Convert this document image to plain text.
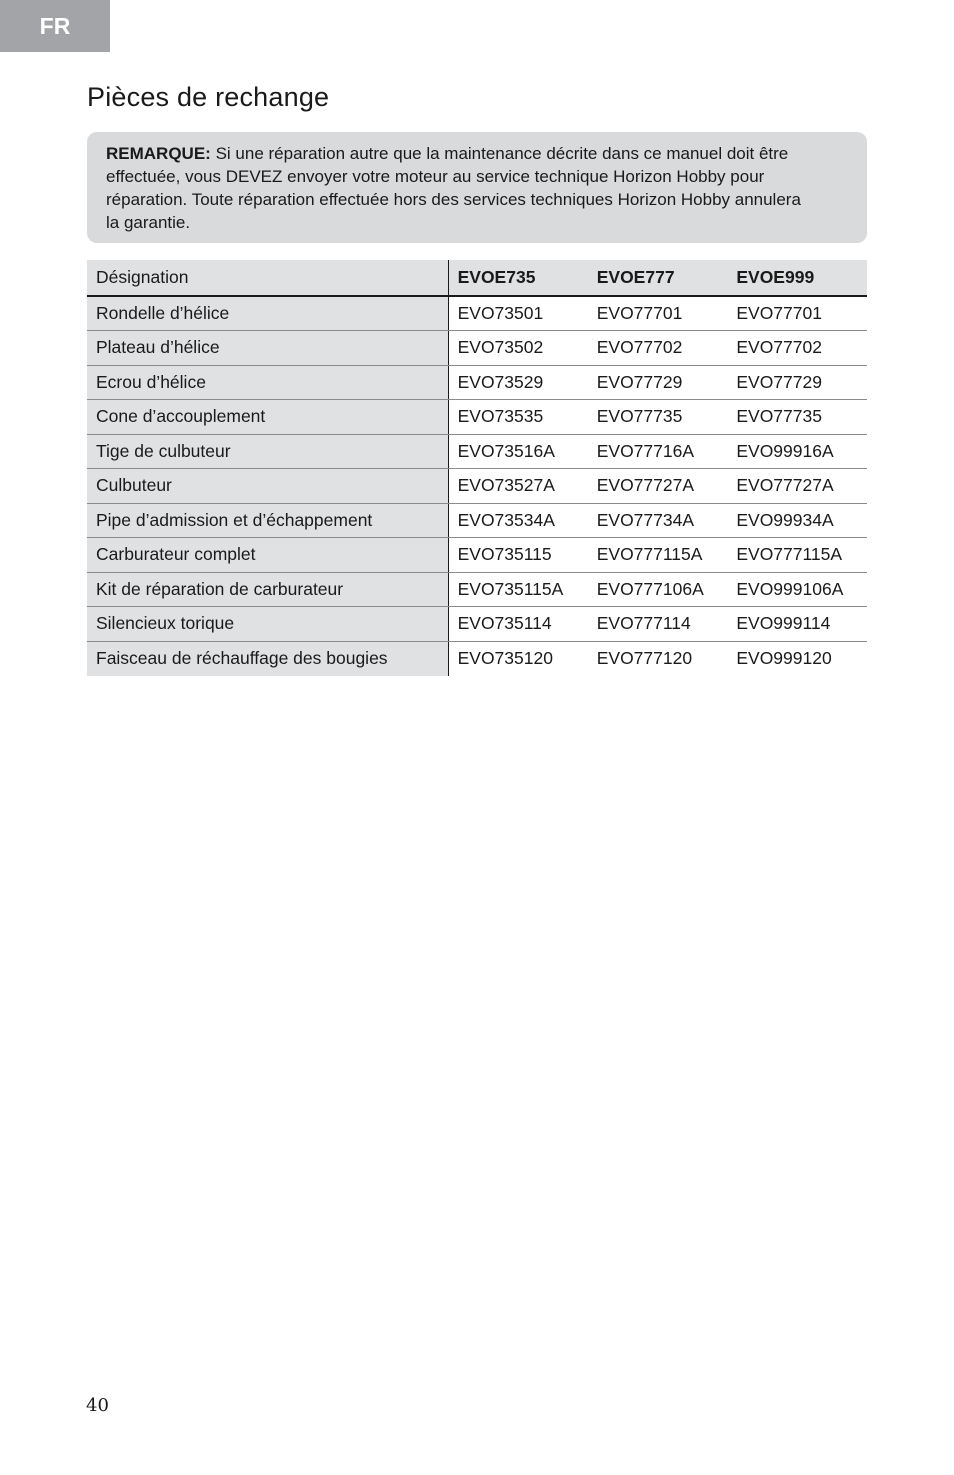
FR
Pièces de rechange
REMARQUE: Si une réparation autre que la maintenance décrite dans ce manuel doit être effectuée, vous DEVEZ envoyer votre moteur au service technique Horizon Hobby pour réparation. Toute réparation effectuée hors des services techniques Horizon Hobby annulera la garantie.
Désignation	EVOE735	EVOE777	EVOE999
Rondelle d’hélice	EVO73501	EVO77701	EVO77701
Plateau d’hélice	EVO73502	EVO77702	EVO77702
Ecrou d’hélice	EVO73529	EVO77729	EVO77729
Cone d’accouplement	EVO73535	EVO77735	EVO77735
Tige de culbuteur	EVO73516A	EVO77716A	EVO99916A
Culbuteur	EVO73527A	EVO77727A	EVO77727A
Pipe d’admission et d’échappement	EVO73534A	EVO77734A	EVO99934A
Carburateur complet	EVO735115	EVO777115A	EVO777115A
Kit de réparation de carburateur	EVO735115A	EVO777106A	EVO999106A
Silencieux torique	EVO735114	EVO777114	EVO999114
Faisceau de réchauffage des bougies	EVO735120	EVO777120	EVO999120
40
